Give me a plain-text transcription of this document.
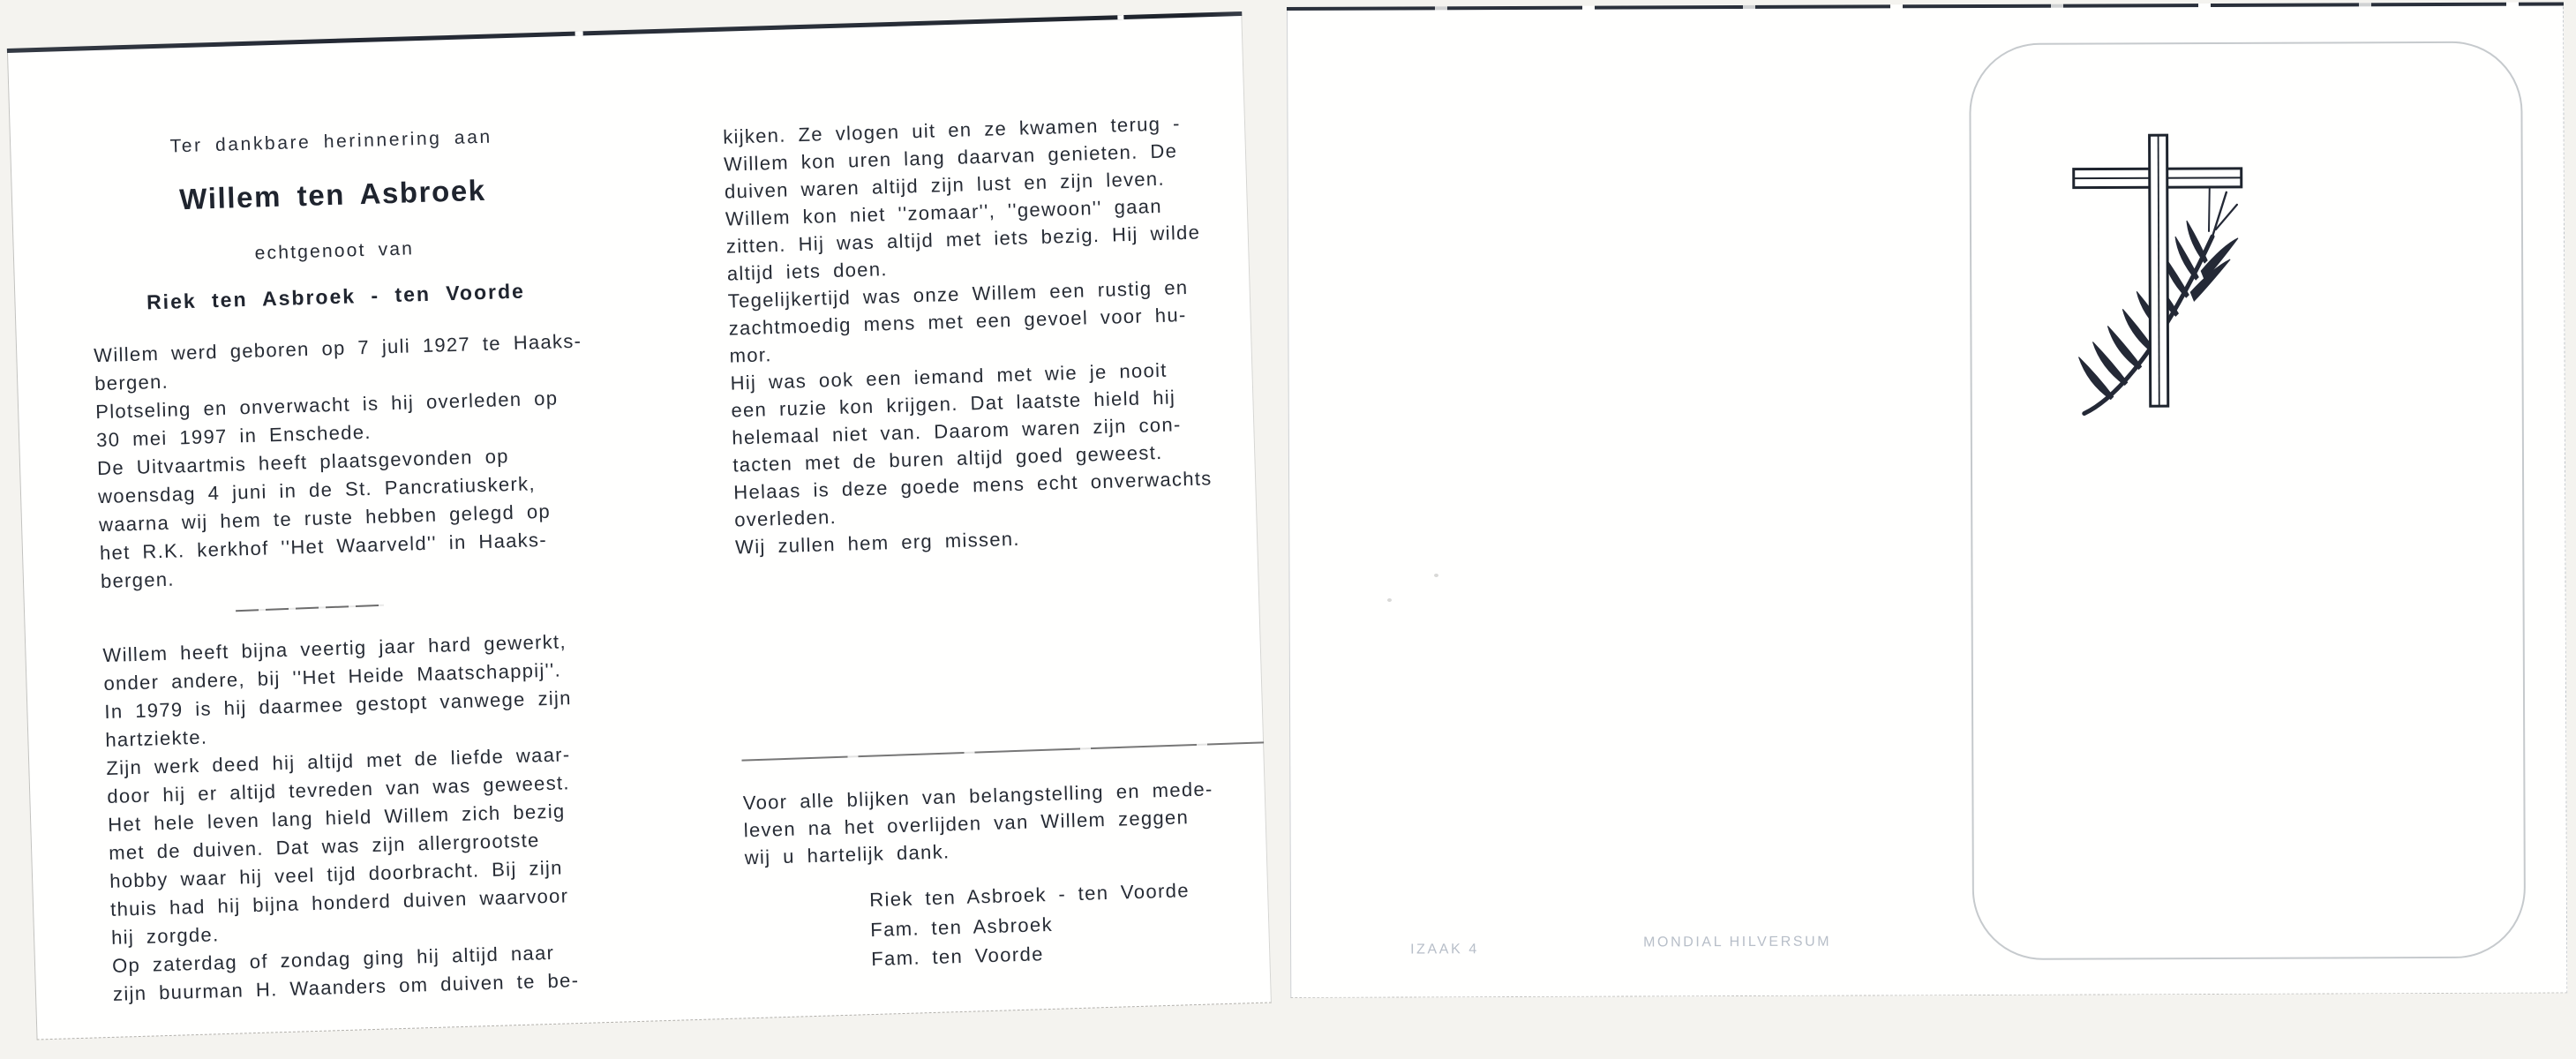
Ter dankbare herinnering aan
Willem ten Asbroek
echtgenoot van
Riek ten Asbroek - ten Voorde

Willem werd geboren op 7 juli 1927 te Haaks-
bergen.
Plotseling en onverwacht is hij overleden op
30 mei 1997 in Enschede.
De Uitvaartmis heeft plaatsgevonden op
woensdag 4 juni in de St. Pancratiuskerk,
waarna wij hem te ruste hebben gelegd op
het R.K. kerkhof ''Het Waarveld'' in Haaks-
bergen.

Willem heeft bijna veertig jaar hard gewerkt,
onder andere, bij ''Het Heide Maatschappij''.
In 1979 is hij daarmee gestopt vanwege zijn
hartziekte.
Zijn werk deed hij altijd met de liefde waar-
door hij er altijd tevreden van was geweest.
Het hele leven lang hield Willem zich bezig
met de duiven. Dat was zijn allergrootste
hobby waar hij veel tijd doorbracht. Bij zijn
thuis had hij bijna honderd duiven waarvoor
hij zorgde.
Op zaterdag of zondag ging hij altijd naar
zijn buurman H. Waanders om duiven te be-

kijken. Ze vlogen uit en ze kwamen terug -
Willem kon uren lang daarvan genieten. De
duiven waren altijd zijn lust en zijn leven.
Willem kon niet ''zomaar'', ''gewoon'' gaan
zitten. Hij was altijd met iets bezig. Hij wilde
altijd iets doen.
Tegelijkertijd was onze Willem een rustig en
zachtmoedig mens met een gevoel voor hu-
mor.
Hij was ook een iemand met wie je nooit
een ruzie kon krijgen. Dat laatste hield hij
helemaal niet van. Daarom waren zijn con-
tacten met de buren altijd goed geweest.
Helaas is deze goede mens echt onverwachts
overleden.
Wij zullen hem erg missen.

Voor alle blijken van belangstelling en mede-
leven na het overlijden van Willem zeggen
wij u hartelijk dank.

Riek ten Asbroek - ten Voorde
Fam. ten Asbroek
Fam. ten Voorde	IZAAK 4	MONDIAL HILVERSUM
